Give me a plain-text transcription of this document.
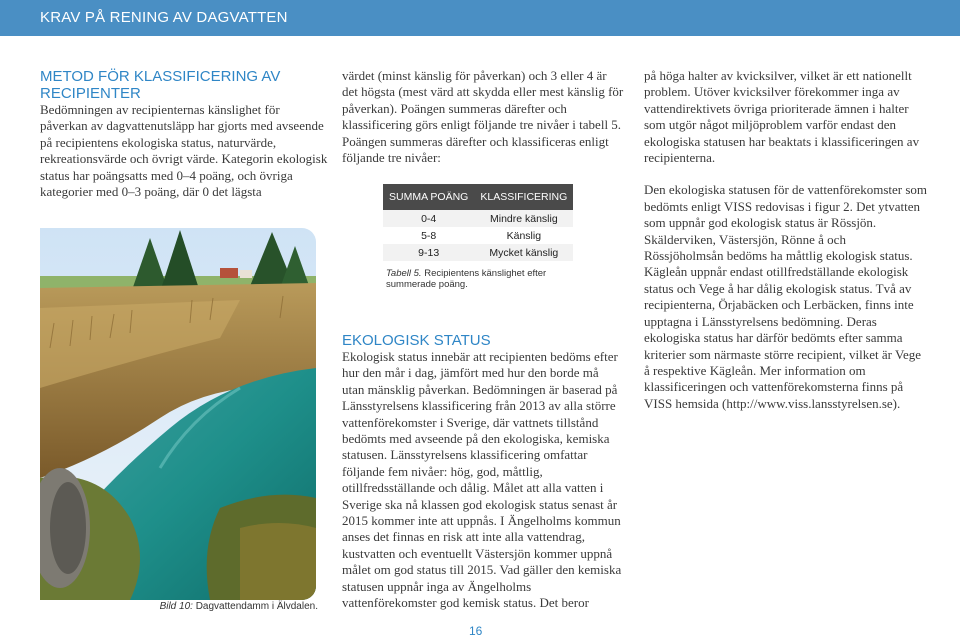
KRAV PÅ RENING AV DAGVATTEN
METOD FÖR KLASSIFICERING AV RECIPIENTER

Bedömningen av recipienternas känslighet för påverkan av dagvattenutsläpp har gjorts med avseende på recipientens ekologiska status, naturvärde, rekreationsvärde och övrigt värde. Kategorin ekologisk status har poängsatts med 0–4 poäng, och övriga kategorier med 0–3 poäng, där 0 det lägsta

Bild 10: Dagvattendamm i Älvdalen.

värdet (minst känslig för påverkan) och 3 eller 4 är det högsta (mest värd att skydda eller mest känslig för påverkan). Poängen summeras därefter och klassificering görs enligt följande tre nivåer i tabell 5. Poängen summeras därefter och klassificeras enligt följande tre nivåer:

SUMMA POÄNG	KLASSIFICERING
0-4	Mindre känslig
5-8	Känslig
9-13	Mycket känslig
Tabell 5. Recipientens känslighet efter summerade poäng.
EKOLOGISK STATUS

Ekologisk status innebär att recipienten bedöms efter hur den mår i dag, jämfört med hur den borde må utan mänsklig påverkan. Bedömningen är baserad på Länsstyrelsens klassificering från 2013 av alla större vattenförekomster i Sverige, där vattnets tillstånd bedömts med avseende på den ekologiska, kemiska statusen. Länsstyrelsens klassificering omfattar följande fem nivåer: hög, god, måttlig, otillfredsställande och dålig. Målet att alla vatten i Sverige ska nå klassen god ekologisk status senast år 2015 kommer inte att uppnås. I Ängelholms kommun anses det finnas en risk att inte alla vattendrag, kustvatten och eventuellt Västersjön kommer uppnå målet om god status till 2015. Vad gäller den kemiska statusen uppnår inga av Ängelholms vattenförekomster god kemisk status. Det beror

på höga halter av kvicksilver, vilket är ett nationellt problem. Utöver kvicksilver förekommer inga av vattendirektivets övriga prioriterade ämnen i halter som utgör något miljöproblem varför endast den ekologiska statusen har beaktats i klassificeringen av recipienterna.

Den ekologiska statusen för de vattenförekomster som bedömts enligt VISS redovisas i figur 2. Det ytvatten som uppnår god ekologisk status är Rössjön. Skälderviken, Västersjön, Rönne å och Rössjöholmsån bedöms ha måttlig ekologisk status. Kägleån uppnår endast otillfredställande ekologisk status och Vege å har dålig ekologisk status. Två av recipienterna, Örjabäcken och Lerbäcken, finns inte upptagna i Länsstyrelsens bedömning. Deras ekologiska status har därför bedömts efter samma kriterier som närmaste större recipient, vilket är Vege å respektive Kägleån. Mer information om klassificeringen och vattenförekomsterna finns på VISS hemsida (http://www.viss.lansstyrelsen.se).

16
